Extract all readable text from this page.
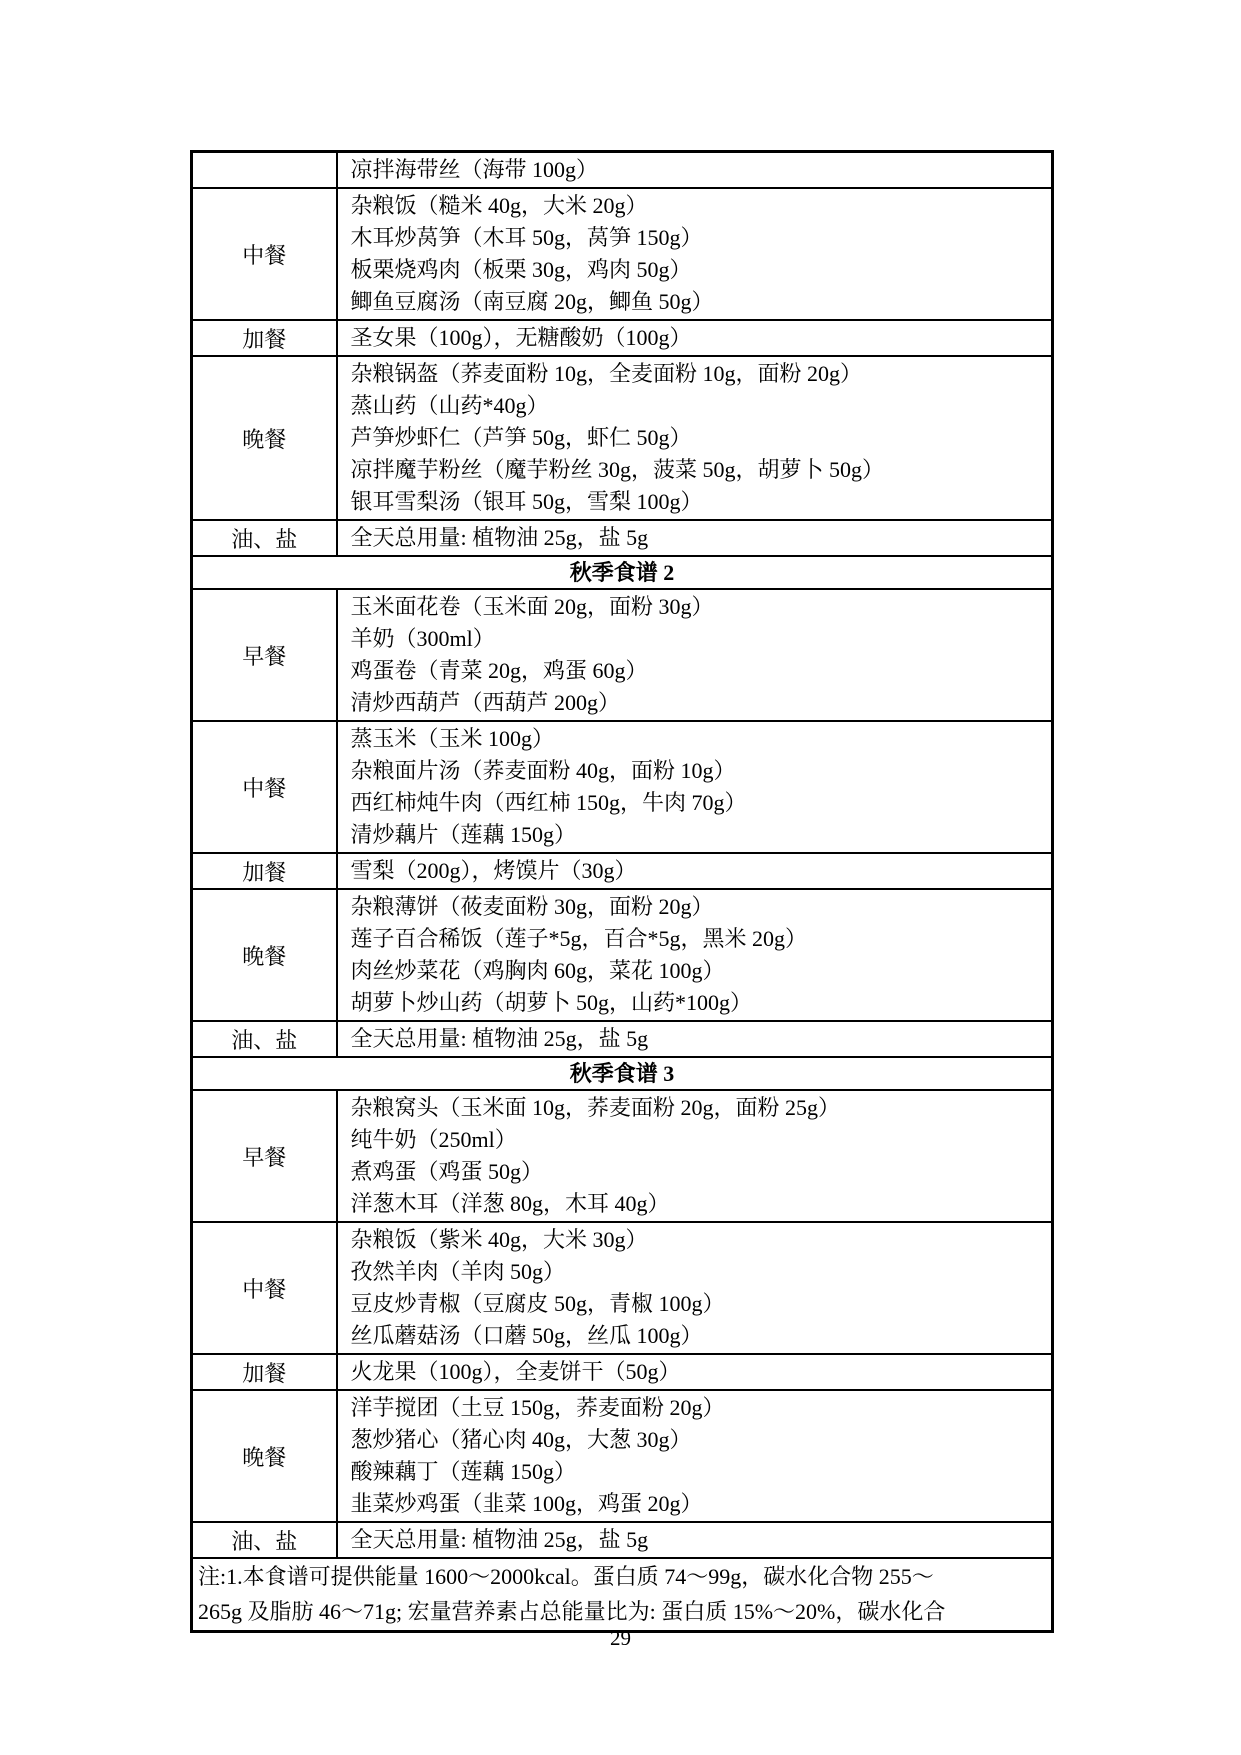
	凉拌海带丝（海带 100g）

中餐	杂粮饭（糙米 40g，大米 20g）
木耳炒莴笋（木耳 50g，莴笋 150g）
板栗烧鸡肉（板栗 30g，鸡肉 50g）
鲫鱼豆腐汤（南豆腐 20g，鲫鱼 50g）

加餐	圣女果（100g），无糖酸奶（100g）

晚餐	杂粮锅盔（荞麦面粉 10g，全麦面粉 10g，面粉 20g）
蒸山药（山药*40g）
芦笋炒虾仁（芦笋 50g，虾仁 50g）
凉拌魔芋粉丝（魔芋粉丝 30g，菠菜 50g，胡萝卜 50g）
银耳雪梨汤（银耳 50g，雪梨 100g）

油、盐	全天总用量: 植物油 25g，盐 5g

秋季食谱 2	
早餐	玉米面花卷（玉米面 20g，面粉 30g）
羊奶（300ml）
鸡蛋卷（青菜 20g，鸡蛋 60g）
清炒西葫芦（西葫芦 200g）

中餐	蒸玉米（玉米 100g）
杂粮面片汤（荞麦面粉 40g，面粉 10g）
西红柿炖牛肉（西红柿 150g，牛肉 70g）
清炒藕片（莲藕 150g）

加餐	雪梨（200g），烤馍片（30g）

晚餐	杂粮薄饼（莜麦面粉 30g，面粉 20g）
莲子百合稀饭（莲子*5g，百合*5g，黑米 20g）
肉丝炒菜花（鸡胸肉 60g，菜花 100g）
胡萝卜炒山药（胡萝卜 50g，山药*100g）

油、盐	全天总用量: 植物油 25g，盐 5g

秋季食谱 3	
早餐	杂粮窝头（玉米面 10g，荞麦面粉 20g，面粉 25g）
纯牛奶（250ml）
煮鸡蛋（鸡蛋 50g）
洋葱木耳（洋葱 80g，木耳 40g）

中餐	杂粮饭（紫米 40g，大米 30g）
孜然羊肉（羊肉 50g）
豆皮炒青椒（豆腐皮 50g，青椒 100g）
丝瓜蘑菇汤（口蘑 50g，丝瓜 100g）

加餐	火龙果（100g），全麦饼干（50g）

晚餐	洋芋搅团（土豆 150g，荞麦面粉 20g）
葱炒猪心（猪心肉 40g，大葱 30g）
酸辣藕丁（莲藕 150g）
韭菜炒鸡蛋（韭菜 100g，鸡蛋 20g）

油、盐	全天总用量: 植物油 25g，盐 5g

注:1.本食谱可提供能量 1600～2000kcal。蛋白质 74～99g，碳水化合物 255～
265g 及脂肪 46～71g; 宏量营养素占总能量比为: 蛋白质 15%～20%，碳水化合	
29
